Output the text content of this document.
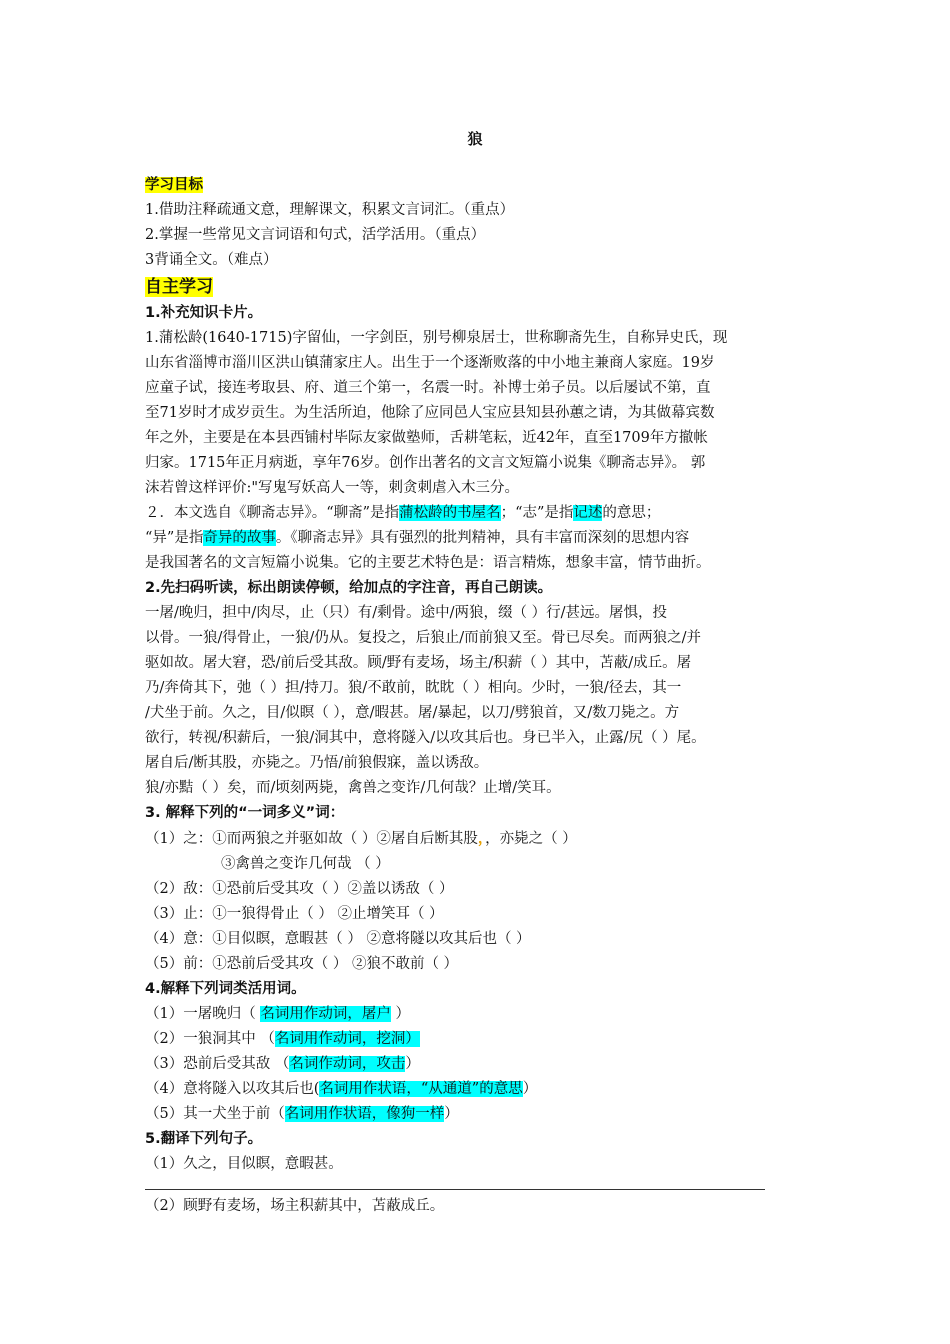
狼
学习目标
1.借助注释疏通文意，理解课文，积累文言词汇。（重点）
2.掌握一些常见文言词语和句式，活学活用。（重点）
3背诵全文。（难点）
自主学习
1.补充知识卡片。
1.蒲松龄(1640-1715)字留仙，一字剑臣，别号柳泉居士，世称聊斋先生，自称异史氏，现
山东省淄博市淄川区洪山镇蒲家庄人。出生于一个逐渐败落的中小地主兼商人家庭。19岁
应童子试，接连考取县、府、道三个第一，名震一时。补博士弟子员。以后屡试不第，直
至71岁时才成岁贡生。为生活所迫，他除了应同邑人宝应县知县孙蕙之请，为其做幕宾数
年之外，主要是在本县西铺村毕际友家做塾师，舌耕笔耘，近42年，直至1709年方撤帐
归家。1715年正月病逝，享年76岁。创作出著名的文言文短篇小说集《聊斋志异》。 郭
沫若曾这样评价:"写鬼写妖高人一等，刺贪刺虐入木三分。
２．本文选自《聊斋志异》。“聊斋”是指蒲松龄的书屋名；“志”是指记述的意思；
“异”是指奇异的故事。《聊斋志异》具有强烈的批判精神，具有丰富而深刻的思想内容
是我国著名的文言短篇小说集。它的主要艺术特色是：语言精炼，想象丰富，情节曲折。
2.先扫码听读，标出朗读停顿，给加点的字注音，再自己朗读。
一屠/晚归，担中/肉尽，止（只）有/剩骨。途中/两狼，缀（ ）行/甚远。屠惧，投
以骨。一狼/得骨止，一狼/仍从。复投之，后狼止/而前狼又至。骨已尽矣。而两狼之/并
驱如故。屠大窘，恐/前后受其敌。顾/野有麦场，场主/积薪（ ）其中，苫蔽/成丘。屠
乃/奔倚其下，弛（ ）担/持刀。狼/不敢前，眈眈（ ）相向。少时，一狼/径去，其一
/犬坐于前。久之，目/似瞑（ ），意/暇甚。屠/暴起，以刀/劈狼首，又/数刀毙之。方
欲行，转视/积薪后，一狼/洞其中，意将隧入/以攻其后也。身已半入，止露/尻（ ）尾。
屠自后/断其股，亦毙之。乃悟/前狼假寐，盖以诱敌。
狼/亦黠（ ）矣，而/顷刻两毙，禽兽之变诈/几何哉？止增/笑耳。
3. 解释下列的“一词多义”词：
（1）之：①而两狼之并驱如故（ ）②屠自后断其股，，亦毙之（ ）
③禽兽之变诈几何哉 （ ）
（2）敌：①恐前后受其攻（ ）②盖以诱敌（ ）
（3）止：①一狼得骨止（ ） ②止增笑耳（ ）
（4）意：①目似瞑，意暇甚（ ） ②意将隧以攻其后也（ ）
（5）前：①恐前后受其攻（ ） ②狼不敢前（ ）
4.解释下列词类活用词。
（1）一屠晚归（ 名词用作动词，屠户 ）
（2）一狼洞其中 （名词用作动词，挖洞）
（3）恐前后受其敌 （名词作动词，攻击）
（4）意将隧入以攻其后也(名词用作状语，“从通道”的意思）
（5）其一犬坐于前（名词用作状语，像狗一样）
5.翻译下列句子。
（1）久之，目似瞑，意暇甚。
（2）顾野有麦场，场主积薪其中，苫蔽成丘。
